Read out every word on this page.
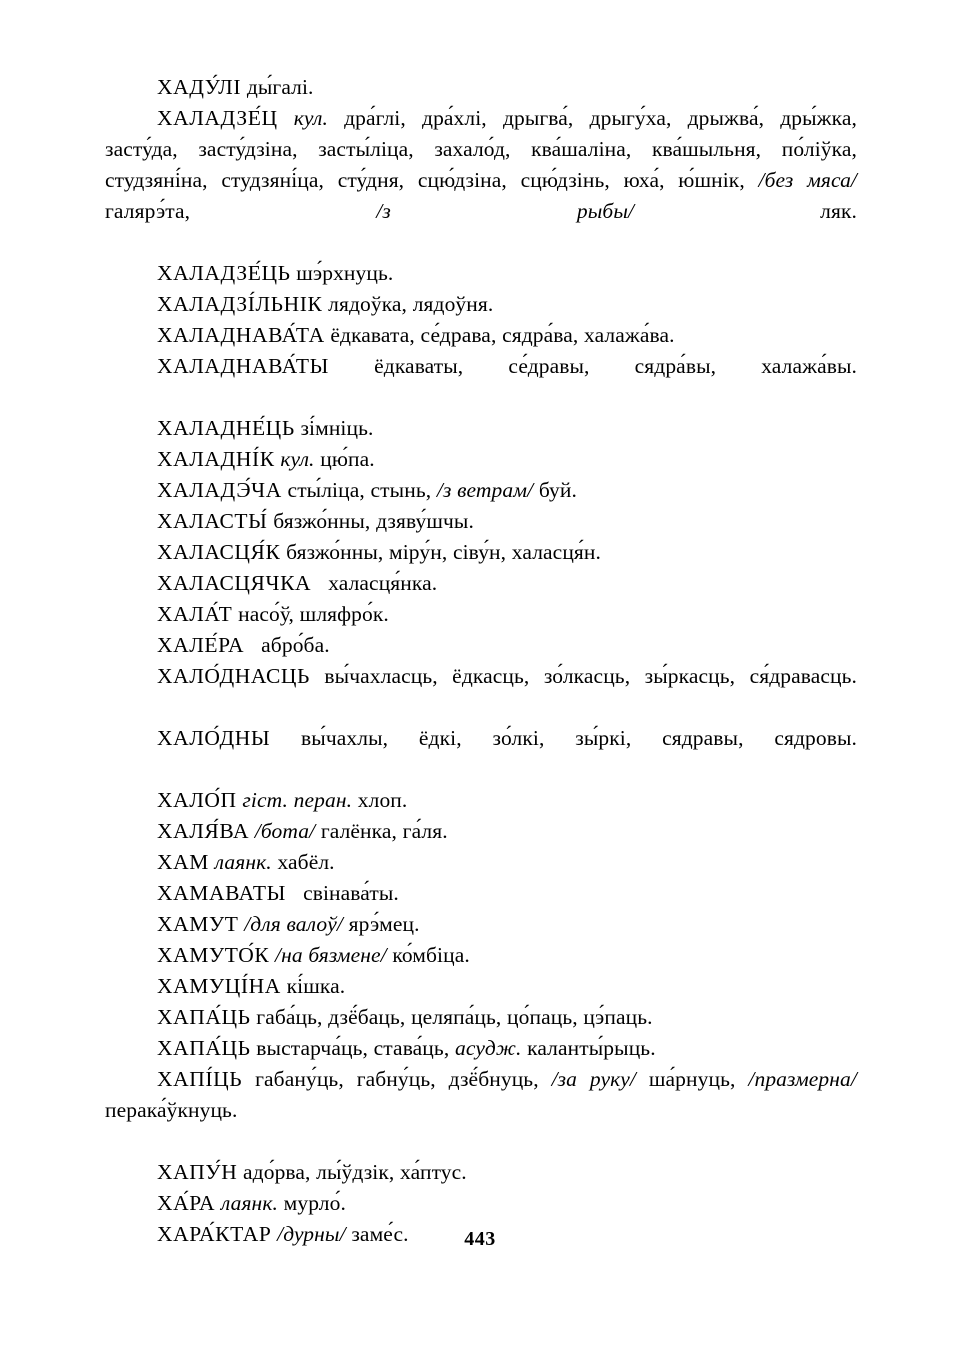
ХАДУ́ЛІ ды́галі.

ХАЛАДЗЕ́Ц кул. дра́глі, дра́хлі, дрыгва́, дрыгу́ха, дрыжва́, дры́жка, засту́да, засту́дзіна, засты́ліца, захало́д, ква́шаліна, ква́шыльня, по́ліўка, студзяні́на, студзяні́ца, сту́дня, сцю́дзіна, сцю́дзінь, юха́, ю́шнік, /без мяса/ галярэ́та, /з рыбы/ ляк.

ХАЛАДЗЕ́ЦЬ шэ́рхнуць.

ХАЛАДЗІ́ЛЬНІК лядоўка, лядоўня.

ХАЛАДНАВА́ТА ёдкавата, се́драва, сядра́ва, халажа́ва.

ХАЛАДНАВА́ТЫ ёдкаваты, се́дравы, сядра́вы, халажа́вы.

ХАЛАДНЕ́ЦЬ зі́мніць.

ХАЛАДНІ́К кул. цю́па.

ХАЛАДЭ́ЧА сты́ліца, стынь, /з ветрам/ буй.

ХАЛАСТЫ́ бязжо́нны, дзяву́шчы.

ХАЛАСЦЯ́К бязжо́нны, міру́н, сіву́н, халасця́н.

ХАЛАСЦЯЧКА халасця́нка.

ХАЛА́Т насо́ў, шляфро́к.

ХАЛЕ́РА абро́ба.

ХАЛО́ДНАСЦЬ вы́чахласць, ёдкасць, зо́лкасць, зы́ркасць, ся́дравасць.

ХАЛО́ДНЫ вы́чахлы, ёдкі, зо́лкі, зы́ркі, сядравы, сядровы.

ХАЛО́П гіст. перан. хлоп.

ХАЛЯ́ВА /бота/ галёнка, га́ля.

ХАМ лаянк. хабёл.

ХАМАВАТЫ свінава́ты.

ХАМУТ /для валоў/ ярэ́мец.

ХАМУТО́К /на бязмене/ ко́мбіца.

ХАМУЦІ́НА кі́шка.

ХАПА́ЦЬ габа́ць, дзё́баць, целяпа́ць, цо́паць, цэ́паць.

ХАПА́ЦЬ выстарча́ць, става́ць, асудж. каланты́рыць.

ХАПІ́ЦЬ габану́ць, габну́ць, дзё́бнуць, /за руку/ ша́рнуць, /празмерна/ перака́ўкнуць.

ХАПУ́Н адо́рва, лы́ўдзік, ха́птус.

ХА́РА лаянк. мурло́.

ХАРА́КТАР /дурны/ заме́с.	443
